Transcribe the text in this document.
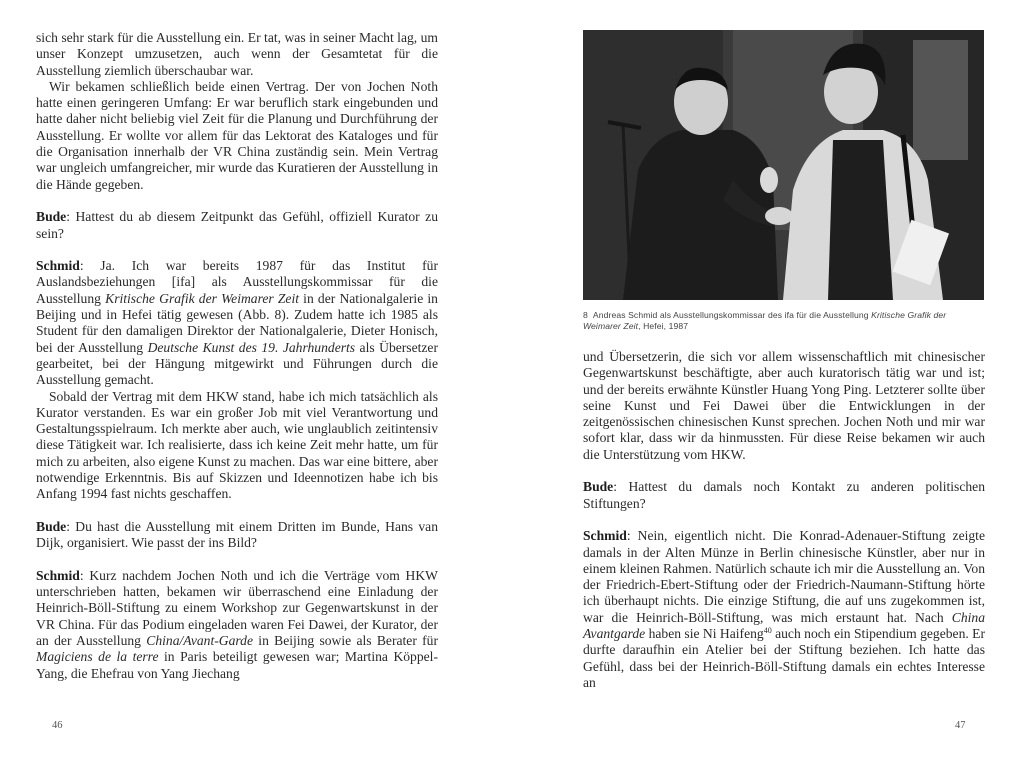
sich sehr stark für die Ausstellung ein. Er tat, was in seiner Macht lag, um unser Konzept umzusetzen, auch wenn der Gesamtetat für die Ausstellung ziemlich überschaubar war.

Wir bekamen schließlich beide einen Vertrag. Der von Jochen Noth hatte einen geringeren Umfang: Er war beruflich stark eingebunden und hatte daher nicht beliebig viel Zeit für die Planung und Durchführung der Ausstellung. Er wollte vor allem für das Lektorat des Kataloges und für die Organisation innerhalb der VR China zuständig sein. Mein Vertrag war ungleich umfangreicher, mir wurde das Kuratieren der Ausstellung in die Hände gegeben.

Bude: Hattest du ab diesem Zeitpunkt das Gefühl, offiziell Kurator zu sein?

Schmid: Ja. Ich war bereits 1987 für das Institut für Auslandsbeziehungen [ifa] als Ausstellungskommissar für die Ausstellung Kritische Grafik der Weimarer Zeit in der Nationalgalerie in Beijing und in Hefei tätig gewesen (Abb. 8). Zudem hatte ich 1985 als Student für den damaligen Direktor der Nationalgalerie, Dieter Honisch, bei der Ausstellung Deutsche Kunst des 19. Jahrhunderts als Übersetzer gearbeitet, bei der Hängung mitgewirkt und Führungen durch die Ausstellung gemacht.

Sobald der Vertrag mit dem HKW stand, habe ich mich tatsächlich als Kurator verstanden. Es war ein großer Job mit viel Verantwortung und Gestaltungsspielraum. Ich merkte aber auch, wie unglaublich zeitintensiv diese Tätigkeit war. Ich realisierte, dass ich keine Zeit mehr hatte, um für mich zu arbeiten, also eigene Kunst zu machen. Das war eine bittere, aber notwendige Erkenntnis. Bis auf Skizzen und Ideennotizen habe ich bis Anfang 1994 fast nichts geschaffen.

Bude: Du hast die Ausstellung mit einem Dritten im Bunde, Hans van Dijk, organisiert. Wie passt der ins Bild?

Schmid: Kurz nachdem Jochen Noth und ich die Verträge vom HKW unterschrieben hatten, bekamen wir überraschend eine Einladung der Heinrich-Böll-Stiftung zu einem Workshop zur Gegenwartskunst in der VR China. Für das Podium eingeladen waren Fei Dawei, der Kurator, der an der Ausstellung China/Avant-Garde in Beijing sowie als Berater für Magiciens de la terre in Paris beteiligt gewesen war; Martina Köppel-Yang, die Ehefrau von Yang Jiechang

8 Andreas Schmid als Ausstellungskommissar des ifa für die Ausstellung Kritische Grafik der Weimarer Zeit, Hefei, 1987

und Übersetzerin, die sich vor allem wissenschaftlich mit chinesischer Gegenwartskunst beschäftigte, aber auch kuratorisch tätig war und ist; und der bereits erwähnte Künstler Huang Yong Ping. Letzterer sollte über seine Kunst und Fei Dawei über die Entwicklungen in der zeitgenössischen chinesischen Kunst sprechen. Jochen Noth und mir war sofort klar, dass wir da hinmussten. Für diese Reise bekamen wir auch die Unterstützung vom HKW.

Bude: Hattest du damals noch Kontakt zu anderen politischen Stiftungen?

Schmid: Nein, eigentlich nicht. Die Konrad-Adenauer-Stiftung zeigte damals in der Alten Münze in Berlin chinesische Künstler, aber nur in einem kleinen Rahmen. Natürlich schaute ich mir die Ausstellung an. Von der Friedrich-Ebert-Stiftung oder der Friedrich-Naumann-Stiftung hörte ich überhaupt nichts. Die einzige Stiftung, die auf uns zugekommen ist, war die Heinrich-Böll-Stiftung, was mich erstaunt hat. Nach China Avantgarde haben sie Ni Haifeng$^{40}$ auch noch ein Stipendium gegeben. Er durfte daraufhin ein Atelier bei der Stiftung beziehen. Ich hatte das Gefühl, dass bei der Heinrich-Böll-Stiftung damals ein echtes Interesse an

46	47
